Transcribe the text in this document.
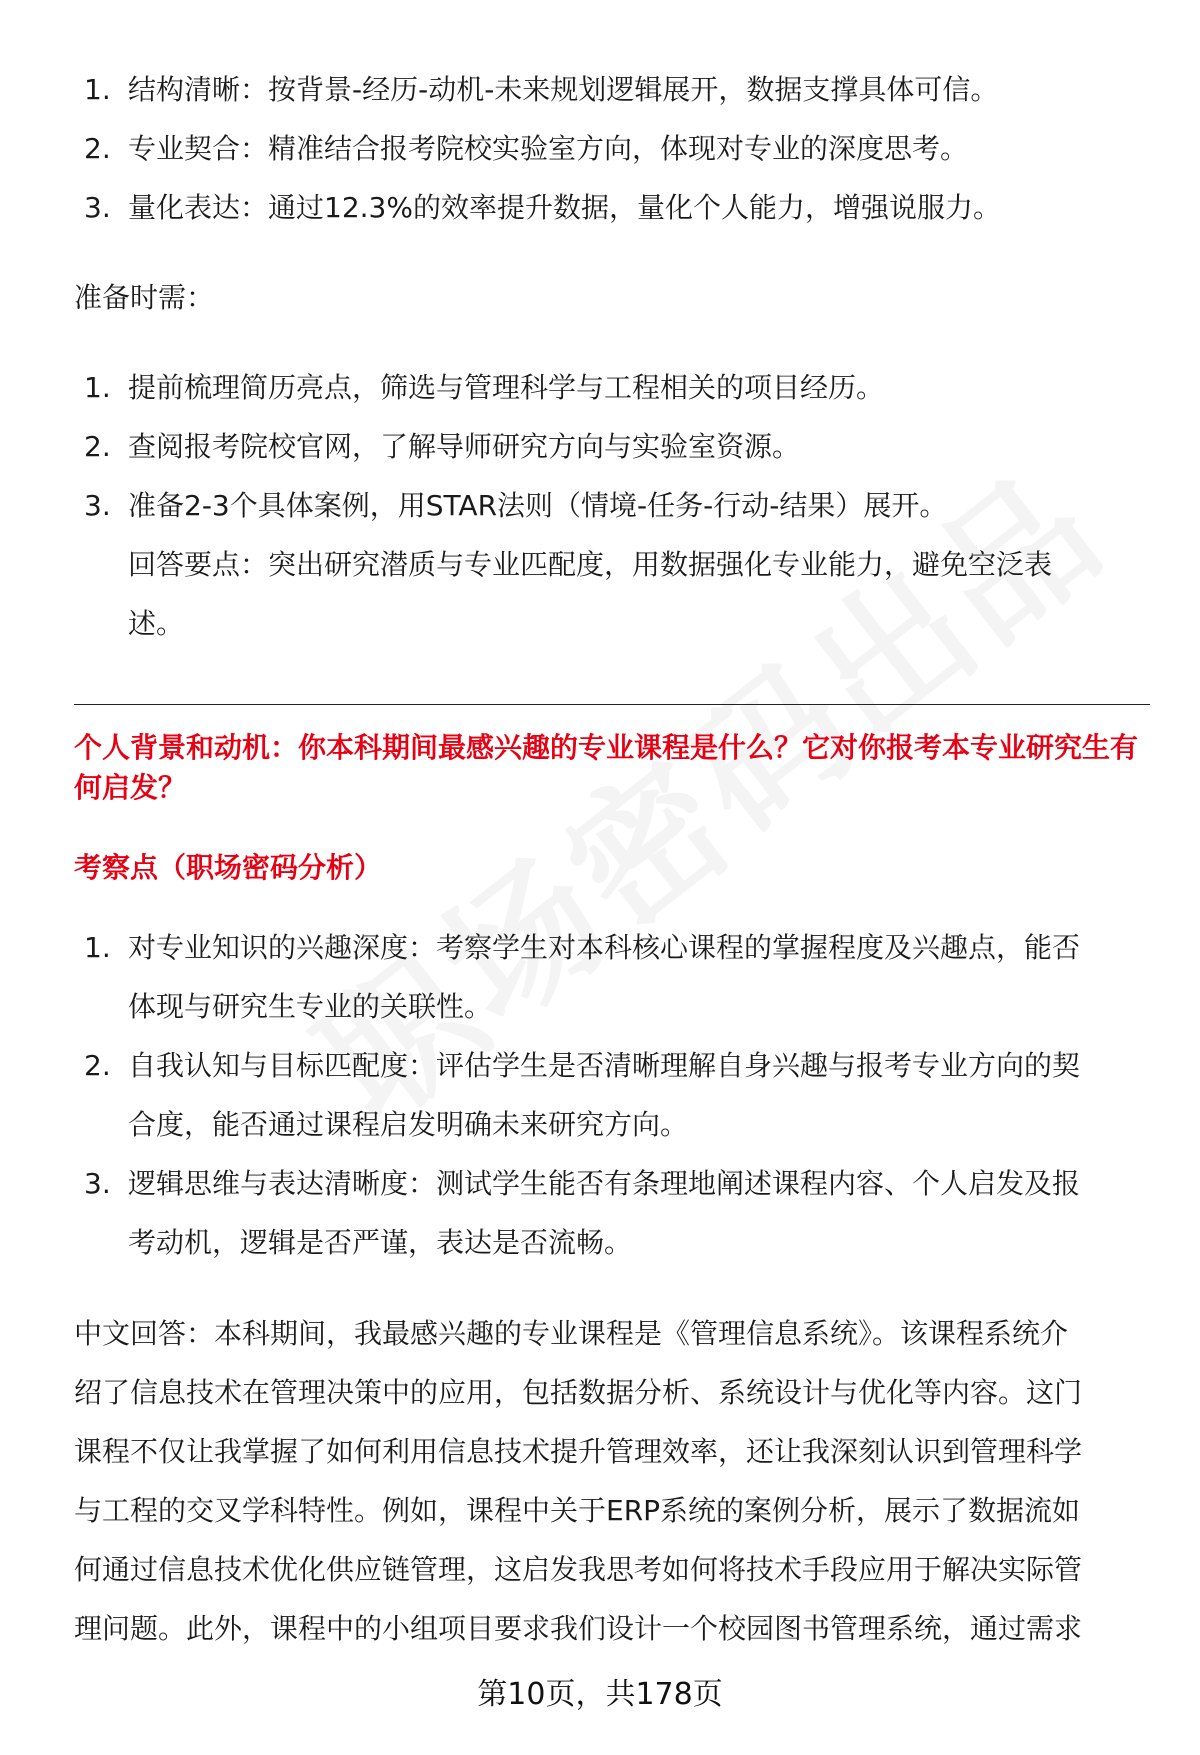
1. 结构清晰：按背景-经历-动机-未来规划逻辑展开，数据支撑具体可信。
2. 专业契合：精准结合报考院校实验室方向，体现对专业的深度思考。
3. 量化表达：通过12.3%的效率提升数据，量化个人能力，增强说服力。
准备时需：
1. 提前梳理简历亮点，筛选与管理科学与工程相关的项目经历。
2. 查阅报考院校官网，了解导师研究方向与实验室资源。
3. 准备2-3个具体案例，用STAR法则（情境-任务-行动-结果）展开。
回答要点：突出研究潜质与专业匹配度，用数据强化专业能力，避免空泛表
述。
个人背景和动机：你本科期间最感兴趣的专业课程是什么？它对你报考本专业研究生有何启发？
考察点（职场密码分析）
1. 对专业知识的兴趣深度：考察学生对本科核心课程的掌握程度及兴趣点，能否
体现与研究生专业的关联性。
2. 自我认知与目标匹配度：评估学生是否清晰理解自身兴趣与报考专业方向的契
合度，能否通过课程启发明确未来研究方向。
3. 逻辑思维与表达清晰度：测试学生能否有条理地阐述课程内容、个人启发及报
考动机，逻辑是否严谨，表达是否流畅。
中文回答：本科期间，我最感兴趣的专业课程是《管理信息系统》。该课程系统介
绍了信息技术在管理决策中的应用，包括数据分析、系统设计与优化等内容。这门
课程不仅让我掌握了如何利用信息技术提升管理效率，还让我深刻认识到管理科学
与工程的交叉学科特性。例如，课程中关于ERP系统的案例分析，展示了数据流如
何通过信息技术优化供应链管理，这启发我思考如何将技术手段应用于解决实际管
理问题。此外，课程中的小组项目要求我们设计一个校园图书管理系统，通过需求
第10页，共178页
